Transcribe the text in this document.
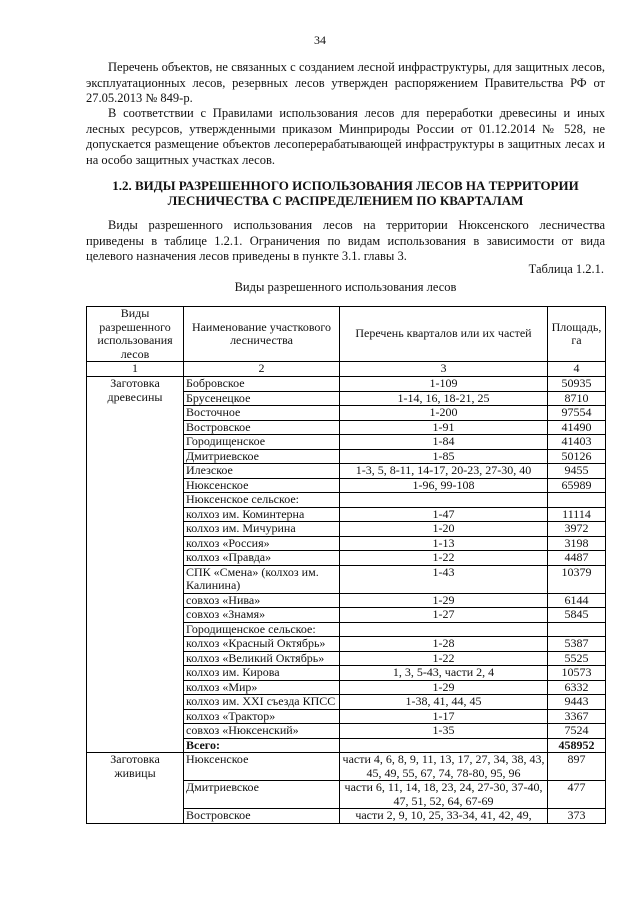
34

Перечень объектов, не связанных с созданием лесной инфраструктуры, для защитных лесов, эксплуатационных лесов, резервных лесов утвержден распоряжением Правительства РФ от 27.05.2013 № 849-р.

В соответствии с Правилами использования лесов для переработки древесины и иных лесных ресурсов, утвержденными приказом Минприроды России от 01.12.2014 № 528, не допускается размещение объектов лесоперерабатывающей инфраструктуры в защитных лесах и на особо защитных участках лесов.

1.2. ВИДЫ РАЗРЕШЕННОГО ИСПОЛЬЗОВАНИЯ ЛЕСОВ НА ТЕРРИТОРИИ ЛЕСНИЧЕСТВА С РАСПРЕДЕЛЕНИЕМ ПО КВАРТАЛАМ

Виды разрешенного использования лесов на территории Нюксенского лесничества приведены в таблице 1.2.1. Ограничения по видам использования в зависимости от вида целевого назначения лесов приведены в пункте 3.1. главы 3.

Таблица 1.2.1.
Виды разрешенного использования лесов
Виды разрешенного использования лесов	Наименование участкового лесничества	Перечень кварталов или их частей	Площадь, га
1	2	3	4
Заготовка древесины	Бобровское	1-109	50935
	Брусенецкое	1-14, 16, 18-21, 25	8710
	Восточное	1-200	97554
	Востровское	1-91	41490
	Городищенское	1-84	41403
	Дмитриевское	1-85	50126
	Илезское	1-3, 5, 8-11, 14-17, 20-23, 27-30, 40	9455
	Нюксенское	1-96, 99-108	65989
	Нюксенское сельское:		
	колхоз им. Коминтерна	1-47	11114
	колхоз им. Мичурина	1-20	3972
	колхоз «Россия»	1-13	3198
	колхоз «Правда»	1-22	4487
	СПК «Смена» (колхоз им. Калинина)	1-43	10379
	совхоз «Нива»	1-29	6144
	совхоз «Знамя»	1-27	5845
	Городищенское сельское:		
	колхоз «Красный Октябрь»	1-28	5387
	колхоз «Великий Октябрь»	1-22	5525
	колхоз им. Кирова	1, 3, 5-43, части 2, 4	10573
	колхоз «Мир»	1-29	6332
	колхоз им. XXI съезда КПСС	1-38, 41, 44, 45	9443
	колхоз «Трактор»	1-17	3367
	совхоз «Нюксенский»	1-35	7524
	Всего:		458952
Заготовка живицы	Нюксенское	части 4, 6, 8, 9, 11, 13, 17, 27, 34, 38, 43, 45, 49, 55, 67, 74, 78-80, 95, 96	897
	Дмитриевское	части 6, 11, 14, 18, 23, 24, 27-30, 37-40, 47, 51, 52, 64, 67-69	477
	Востровское	части 2, 9, 10, 25, 33-34, 41, 42, 49,	373
